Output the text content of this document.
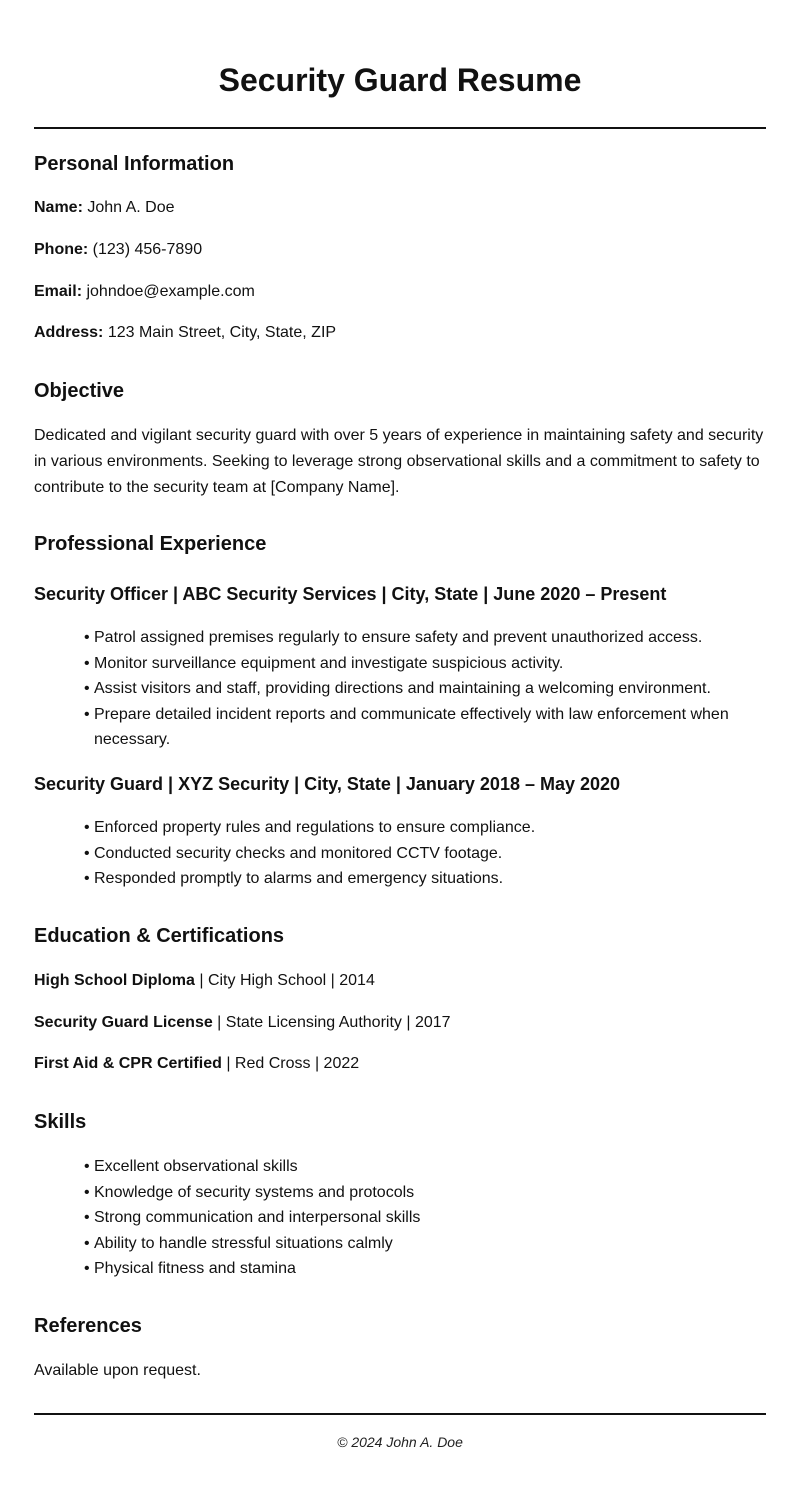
Security Guard Resume
Personal Information
Name: John A. Doe
Phone: (123) 456-7890
Email: johndoe@example.com
Address: 123 Main Street, City, State, ZIP
Objective
Dedicated and vigilant security guard with over 5 years of experience in maintaining safety and security in various environments. Seeking to leverage strong observational skills and a commitment to safety to contribute to the security team at [Company Name].
Professional Experience
Security Officer | ABC Security Services | City, State | June 2020 – Present
• Patrol assigned premises regularly to ensure safety and prevent unauthorized access.
• Monitor surveillance equipment and investigate suspicious activity.
• Assist visitors and staff, providing directions and maintaining a welcoming environment.
• Prepare detailed incident reports and communicate effectively with law enforcement when necessary.
Security Guard | XYZ Security | City, State | January 2018 – May 2020
• Enforced property rules and regulations to ensure compliance.
• Conducted security checks and monitored CCTV footage.
• Responded promptly to alarms and emergency situations.
Education & Certifications
High School Diploma | City High School | 2014
Security Guard License | State Licensing Authority | 2017
First Aid & CPR Certified | Red Cross | 2022
Skills
• Excellent observational skills
• Knowledge of security systems and protocols
• Strong communication and interpersonal skills
• Ability to handle stressful situations calmly
• Physical fitness and stamina
References
Available upon request.
© 2024 John A. Doe
